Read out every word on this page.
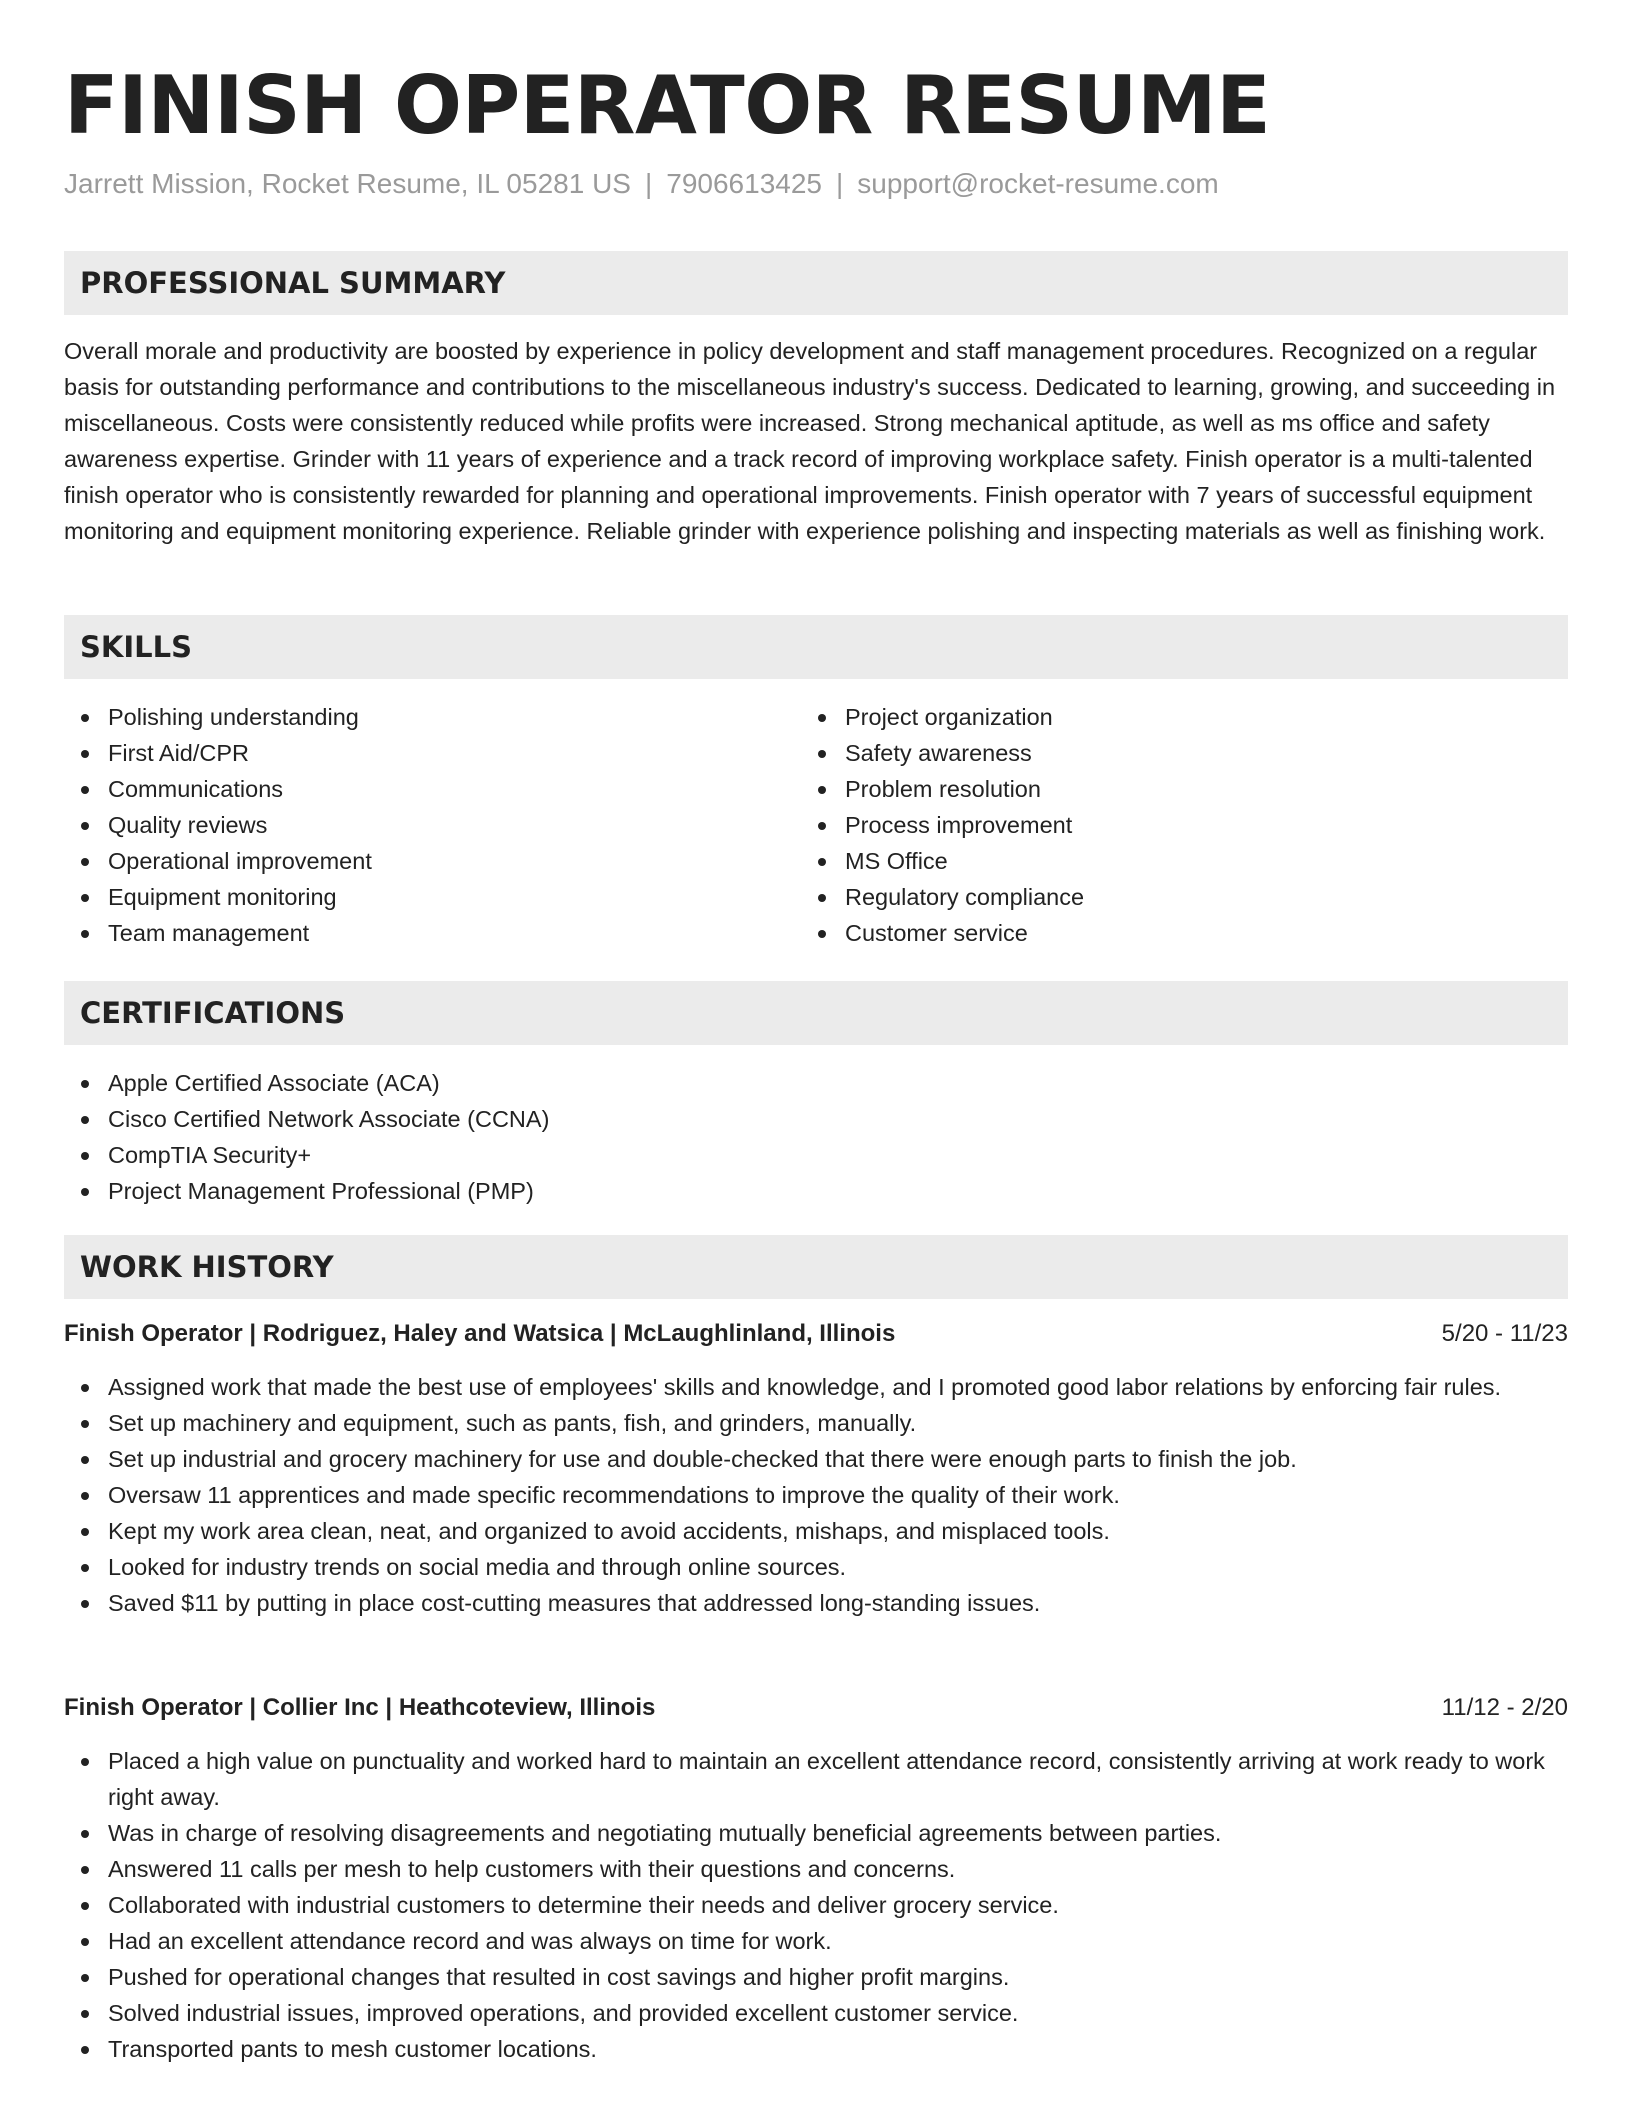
FINISH OPERATOR RESUME
Jarrett Mission, Rocket Resume, IL 05281 US | 7906613425 | support@rocket-resume.com
PROFESSIONAL SUMMARY

Overall morale and productivity are boosted by experience in policy development and staff management procedures. Recognized on a regular basis for outstanding performance and contributions to the miscellaneous industry's success. Dedicated to learning, growing, and succeeding in miscellaneous. Costs were consistently reduced while profits were increased. Strong mechanical aptitude, as well as ms office and safety awareness expertise. Grinder with 11 years of experience and a track record of improving workplace safety. Finish operator is a multi-talented finish operator who is consistently rewarded for planning and operational improvements. Finish operator with 7 years of successful equipment monitoring and equipment monitoring experience. Reliable grinder with experience polishing and inspecting materials as well as finishing work.

SKILLS
Polishing understanding
First Aid/CPR
Communications
Quality reviews
Operational improvement
Equipment monitoring
Team management
Project organization
Safety awareness
Problem resolution
Process improvement
MS Office
Regulatory compliance
Customer service
CERTIFICATIONS
Apple Certified Associate (ACA)
Cisco Certified Network Associate (CCNA)
CompTIA Security+
Project Management Professional (PMP)
WORK HISTORY
Finish Operator | Rodriguez, Haley and Watsica | McLaughlinland, Illinois	5/20 - 11/23
Assigned work that made the best use of employees' skills and knowledge, and I promoted good labor relations by enforcing fair rules.
Set up machinery and equipment, such as pants, fish, and grinders, manually.
Set up industrial and grocery machinery for use and double-checked that there were enough parts to finish the job.
Oversaw 11 apprentices and made specific recommendations to improve the quality of their work.
Kept my work area clean, neat, and organized to avoid accidents, mishaps, and misplaced tools.
Looked for industry trends on social media and through online sources.
Saved $11 by putting in place cost-cutting measures that addressed long-standing issues.
Finish Operator | Collier Inc | Heathcoteview, Illinois	11/12 - 2/20
Placed a high value on punctuality and worked hard to maintain an excellent attendance record, consistently arriving at work ready to work right away.
Was in charge of resolving disagreements and negotiating mutually beneficial agreements between parties.
Answered 11 calls per mesh to help customers with their questions and concerns.
Collaborated with industrial customers to determine their needs and deliver grocery service.
Had an excellent attendance record and was always on time for work.
Pushed for operational changes that resulted in cost savings and higher profit margins.
Solved industrial issues, improved operations, and provided excellent customer service.
Transported pants to mesh customer locations.
